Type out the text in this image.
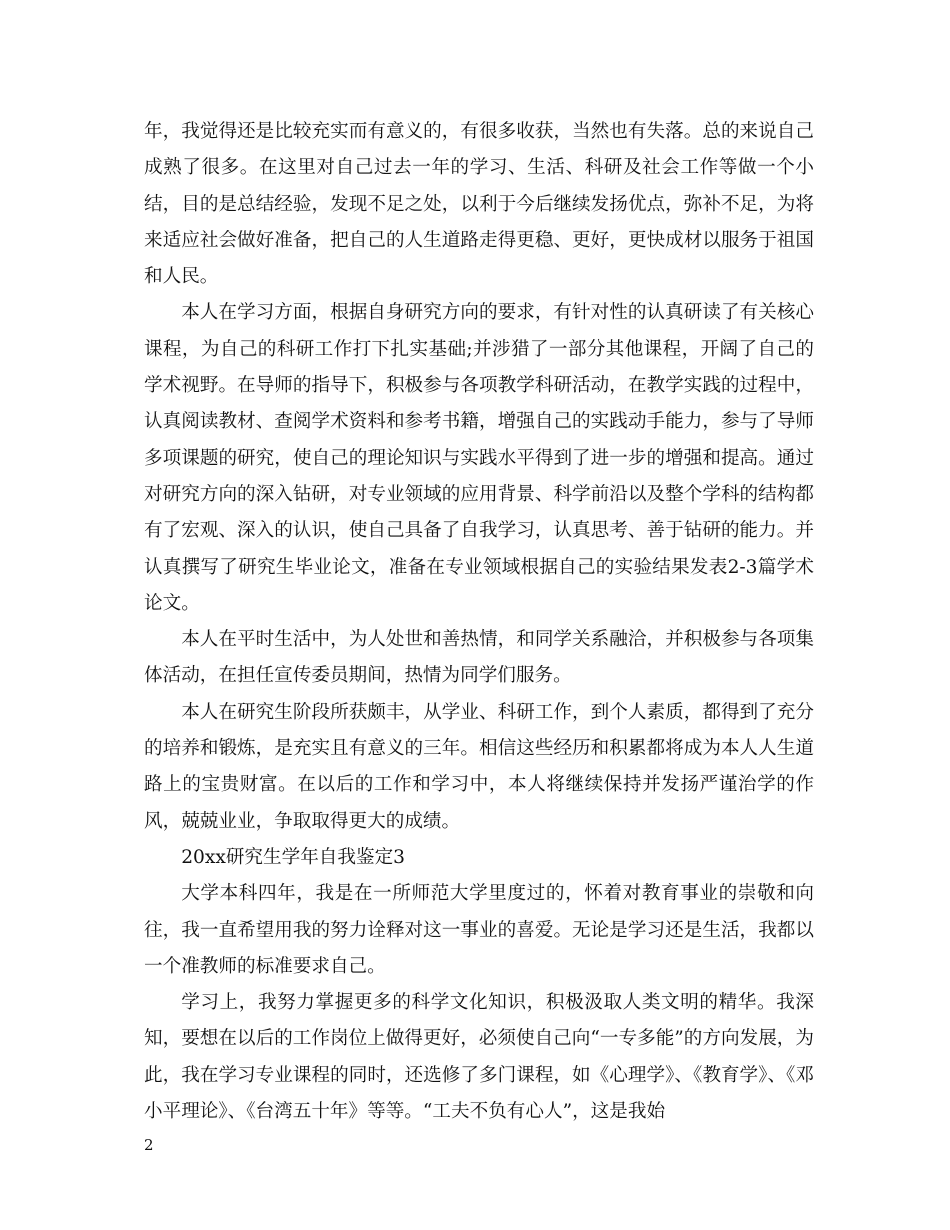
年，我觉得还是比较充实而有意义的，有很多收获，当然也有失落。总的来说自己成熟了很多。在这里对自己过去一年的学习、生活、科研及社会工作等做一个小结，目的是总结经验，发现不足之处，以利于今后继续发扬优点，弥补不足，为将来适应社会做好准备，把自己的人生道路走得更稳、更好，更快成材以服务于祖国和人民。

本人在学习方面，根据自身研究方向的要求，有针对性的认真研读了有关核心课程，为自己的科研工作打下扎实基础;并涉猎了一部分其他课程，开阔了自己的学术视野。在导师的指导下，积极参与各项教学科研活动，在教学实践的过程中，认真阅读教材、查阅学术资料和参考书籍，增强自己的实践动手能力，参与了导师多项课题的研究，使自己的理论知识与实践水平得到了进一步的增强和提高。通过对研究方向的深入钻研，对专业领域的应用背景、科学前沿以及整个学科的结构都有了宏观、深入的认识，使自己具备了自我学习，认真思考、善于钻研的能力。并认真撰写了研究生毕业论文，准备在专业领域根据自己的实验结果发表2-3篇学术论文。

本人在平时生活中，为人处世和善热情，和同学关系融洽，并积极参与各项集体活动，在担任宣传委员期间，热情为同学们服务。

本人在研究生阶段所获颇丰，从学业、科研工作，到个人素质，都得到了充分的培养和锻炼，是充实且有意义的三年。相信这些经历和积累都将成为本人人生道路上的宝贵财富。在以后的工作和学习中，本人将继续保持并发扬严谨治学的作风，兢兢业业，争取取得更大的成绩。

20xx研究生学年自我鉴定3

大学本科四年，我是在一所师范大学里度过的，怀着对教育事业的崇敬和向往，我一直希望用我的努力诠释对这一事业的喜爱。无论是学习还是生活，我都以一个准教师的标准要求自己。

学习上，我努力掌握更多的科学文化知识，积极汲取人类文明的精华。我深知，要想在以后的工作岗位上做得更好，必须使自己向“一专多能”的方向发展，为此，我在学习专业课程的同时，还选修了多门课程，如《心理学》、《教育学》、《邓小平理论》、《台湾五十年》等等。“工夫不负有心人”，这是我始

2
